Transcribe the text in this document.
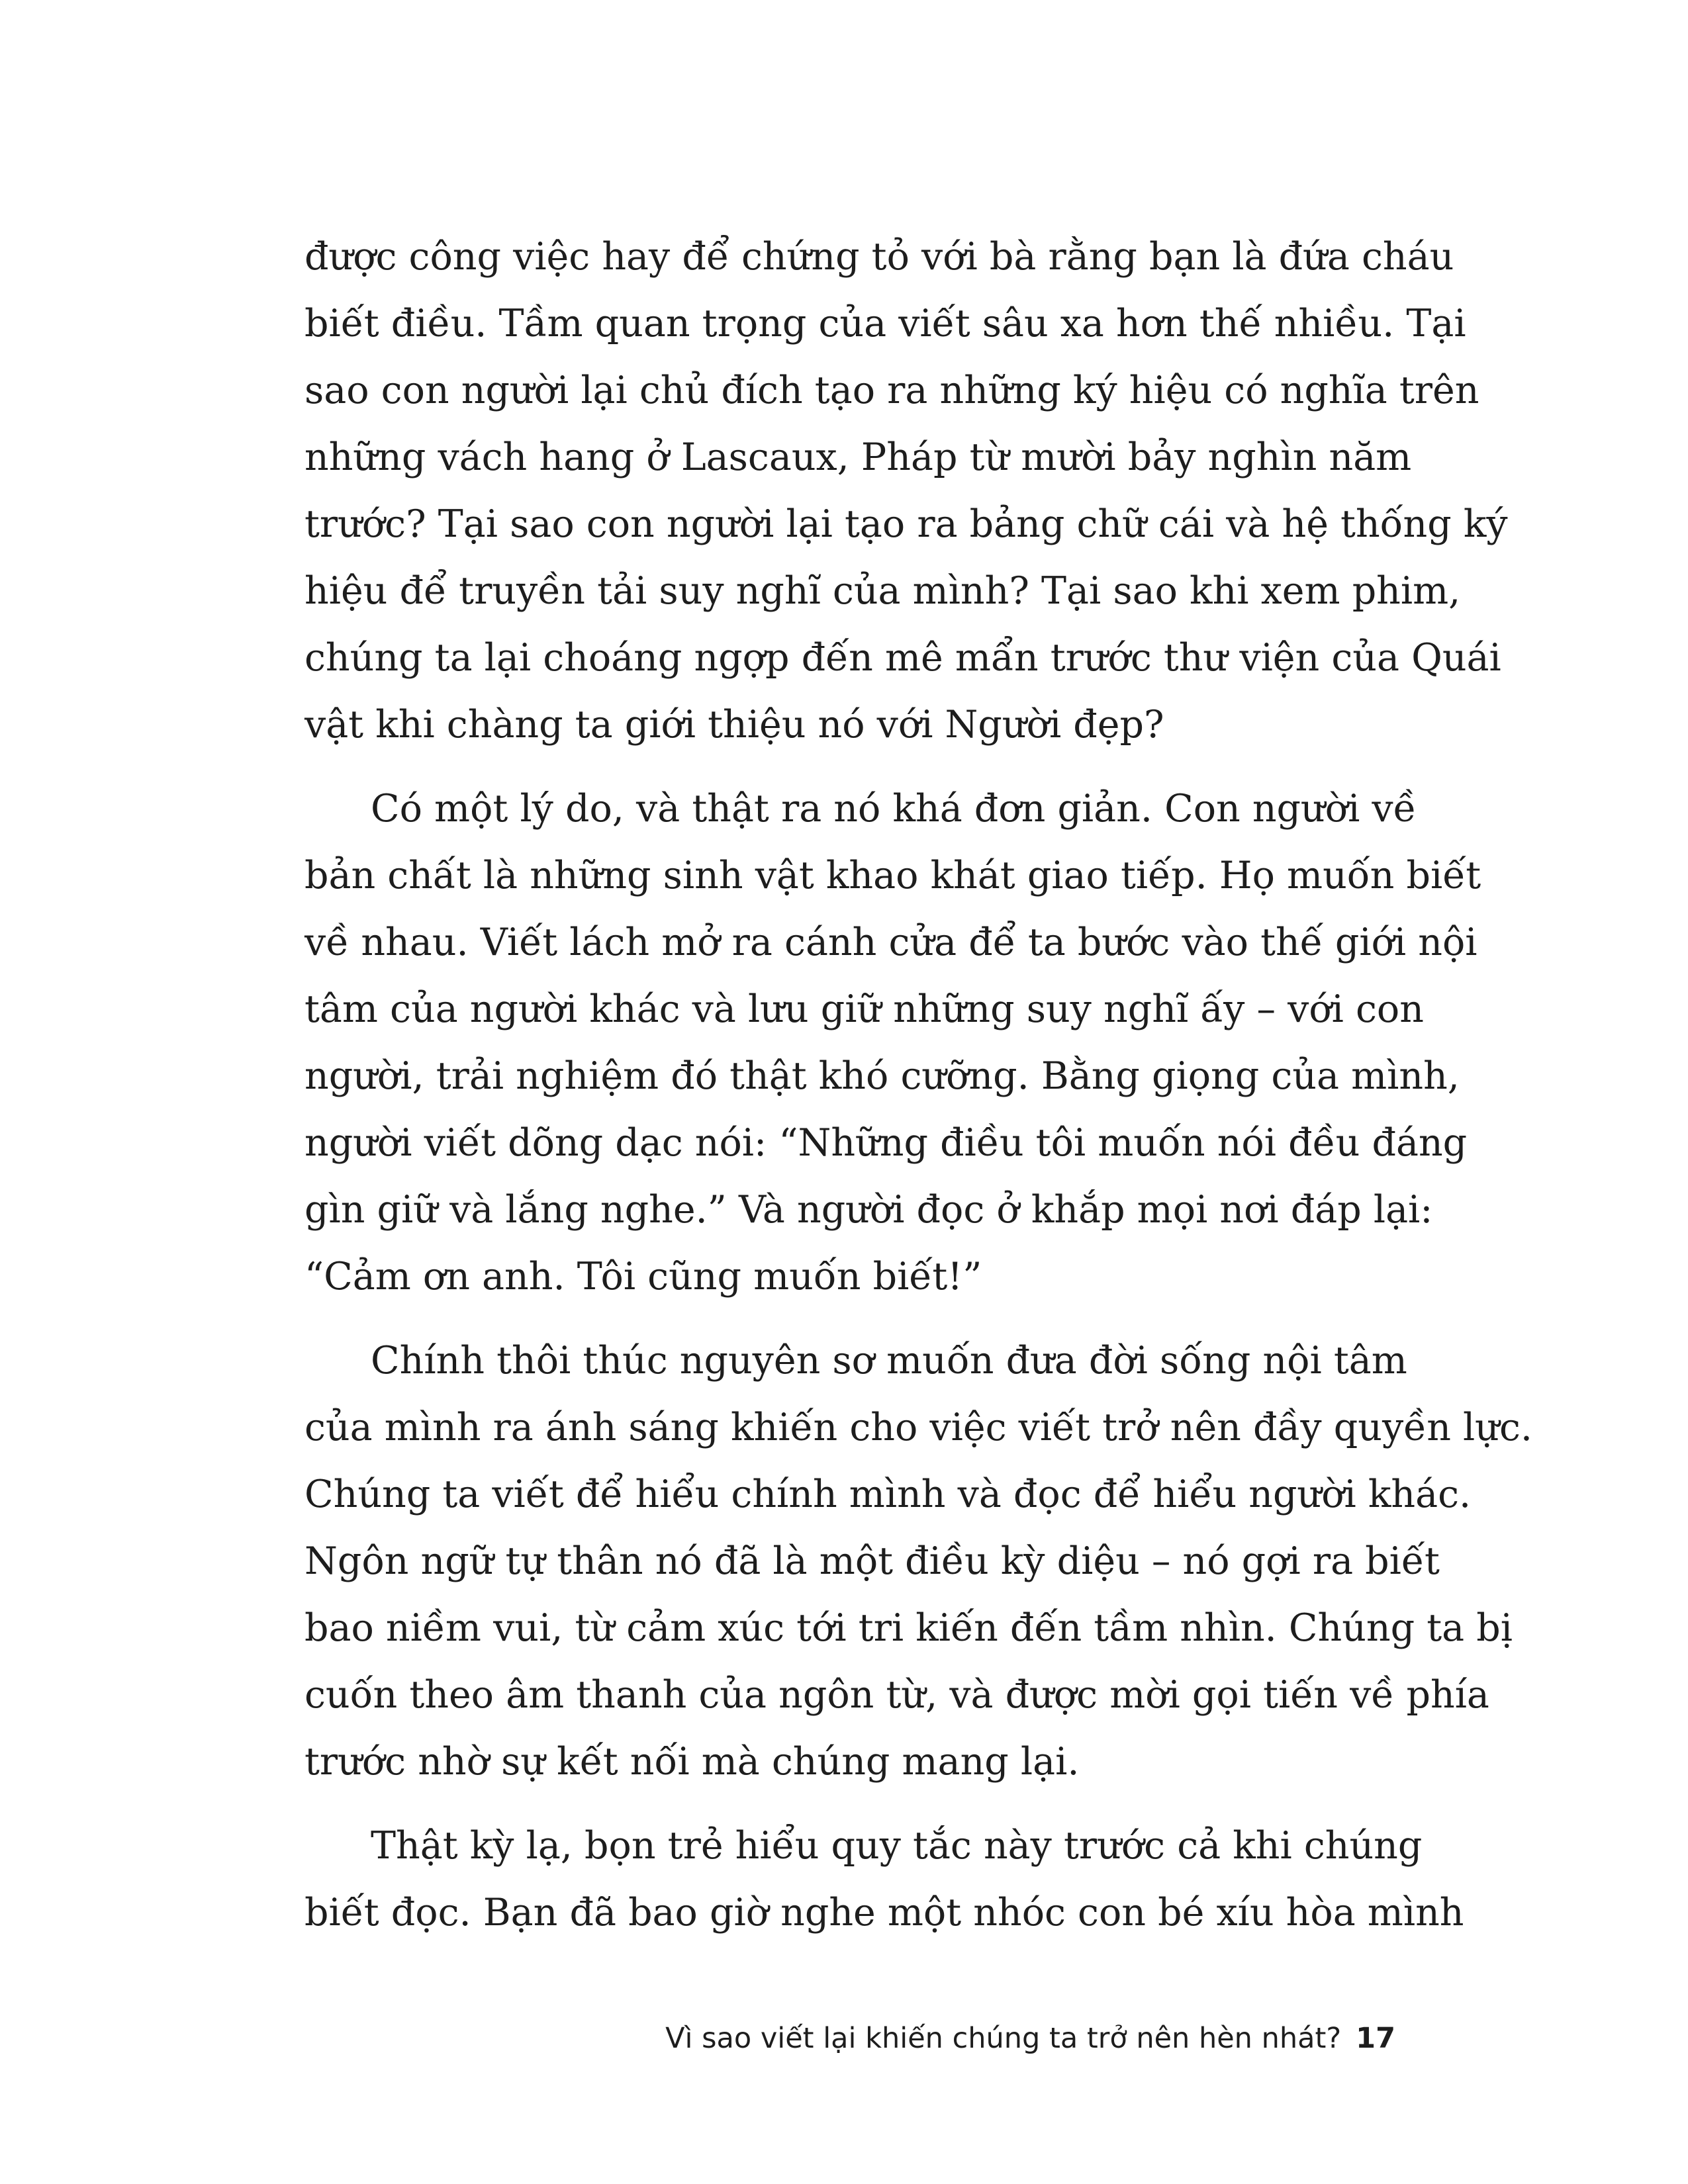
được công việc hay để chứng tỏ với bà rằng bạn là đứa cháu
biết điều. Tầm quan trọng của viết sâu xa hơn thế nhiều. Tại
sao con người lại chủ đích tạo ra những ký hiệu có nghĩa trên
những vách hang ở Lascaux, Pháp từ mười bảy nghìn năm
trước? Tại sao con người lại tạo ra bảng chữ cái và hệ thống ký
hiệu để truyền tải suy nghĩ của mình? Tại sao khi xem phim,
chúng ta lại choáng ngợp đến mê mẩn trước thư viện của Quái
vật khi chàng ta giới thiệu nó với Người đẹp?
Có một lý do, và thật ra nó khá đơn giản. Con người về
bản chất là những sinh vật khao khát giao tiếp. Họ muốn biết
về nhau. Viết lách mở ra cánh cửa để ta bước vào thế giới nội
tâm của người khác và lưu giữ những suy nghĩ ấy – với con
người, trải nghiệm đó thật khó cưỡng. Bằng giọng của mình,
người viết dõng dạc nói: “Những điều tôi muốn nói đều đáng
gìn giữ và lắng nghe.” Và người đọc ở khắp mọi nơi đáp lại:
“Cảm ơn anh. Tôi cũng muốn biết!”
Chính thôi thúc nguyên sơ muốn đưa đời sống nội tâm
của mình ra ánh sáng khiến cho việc viết trở nên đầy quyền lực.
Chúng ta viết để hiểu chính mình và đọc để hiểu người khác.
Ngôn ngữ tự thân nó đã là một điều kỳ diệu – nó gợi ra biết
bao niềm vui, từ cảm xúc tới tri kiến đến tầm nhìn. Chúng ta bị
cuốn theo âm thanh của ngôn từ, và được mời gọi tiến về phía
trước nhờ sự kết nối mà chúng mang lại.
Thật kỳ lạ, bọn trẻ hiểu quy tắc này trước cả khi chúng
biết đọc. Bạn đã bao giờ nghe một nhóc con bé xíu hòa mình
Vì sao viết lại khiến chúng ta trở nên hèn nhát? 17
